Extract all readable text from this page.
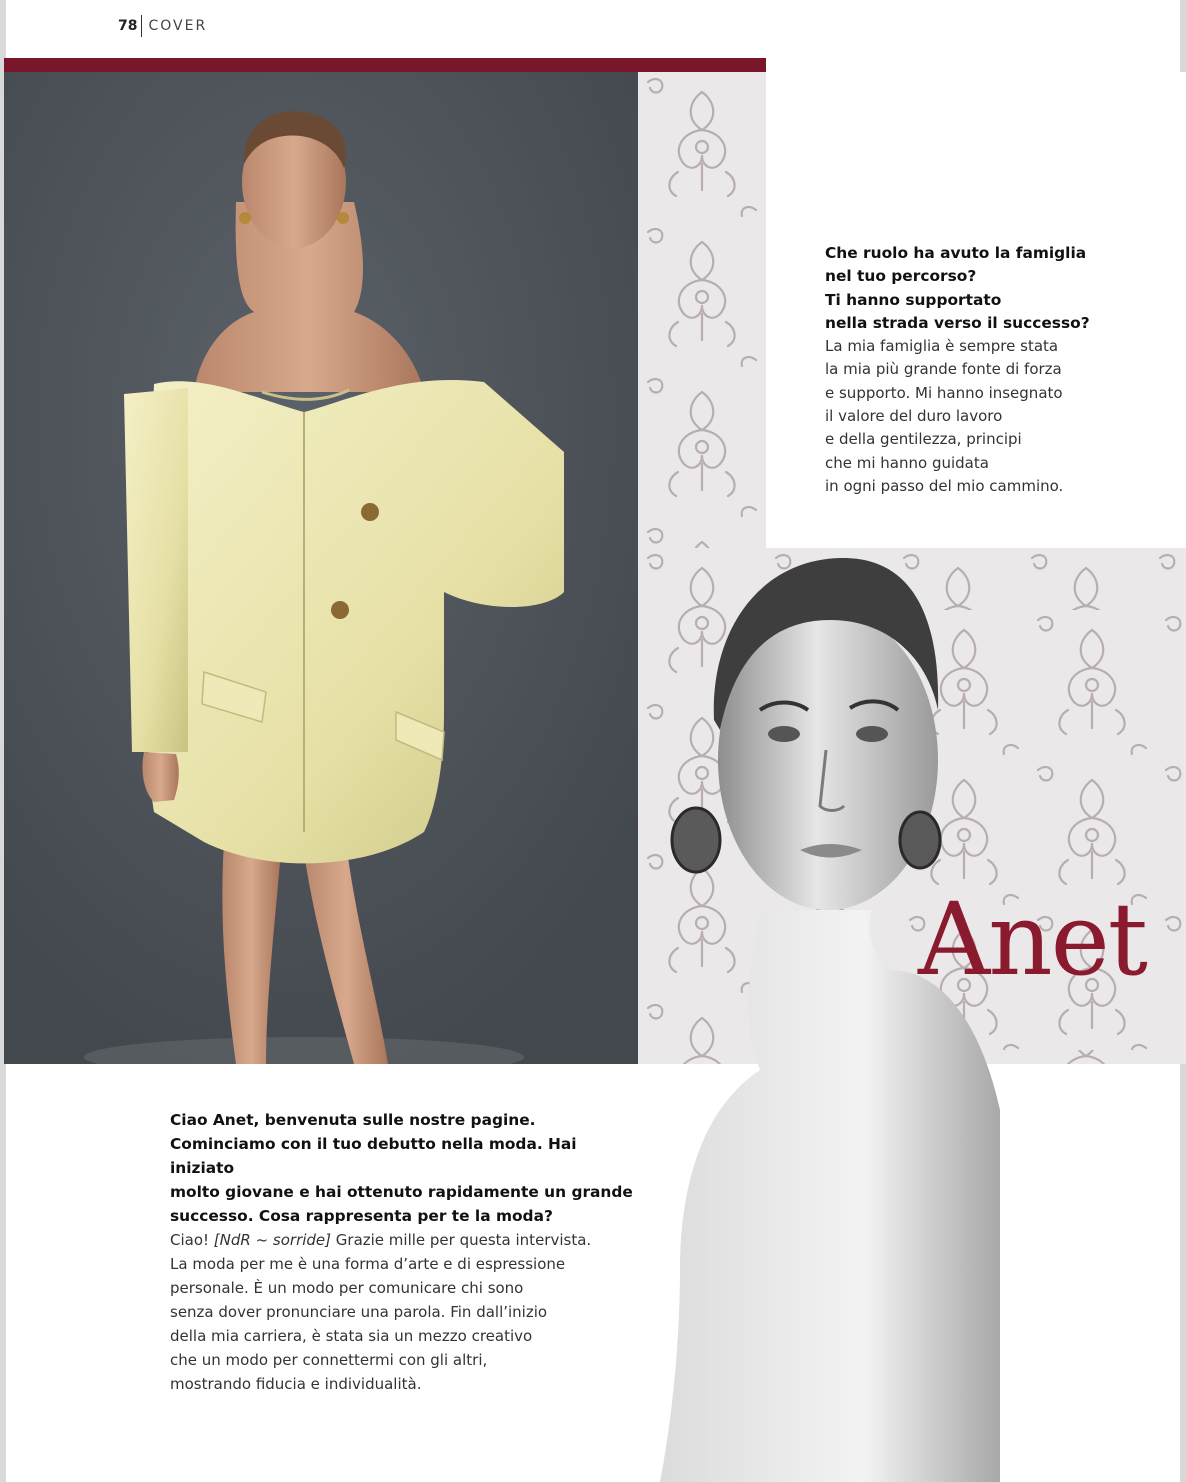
78 COVER
Che ruolo ha avuto la famiglia
nel tuo percorso?
Ti hanno supportato
nella strada verso il successo?
La mia famiglia è sempre stata
la mia più grande fonte di forza
e supporto. Mi hanno insegnato
il valore del duro lavoro
e della gentilezza, principi
che mi hanno guidata
in ogni passo del mio cammino.
Anet
Ciao Anet, benvenuta sulle nostre pagine.
Cominciamo con il tuo debutto nella moda. Hai iniziato
molto giovane e hai ottenuto rapidamente un grande
successo. Cosa rappresenta per te la moda?
Ciao! [NdR ~ sorride] Grazie mille per questa intervista.
La moda per me è una forma d’arte e di espressione
personale. È un modo per comunicare chi sono
senza dover pronunciare una parola. Fin dall’inizio
della mia carriera, è stata sia un mezzo creativo
che un modo per connettermi con gli altri,
mostrando fiducia e individualità.
